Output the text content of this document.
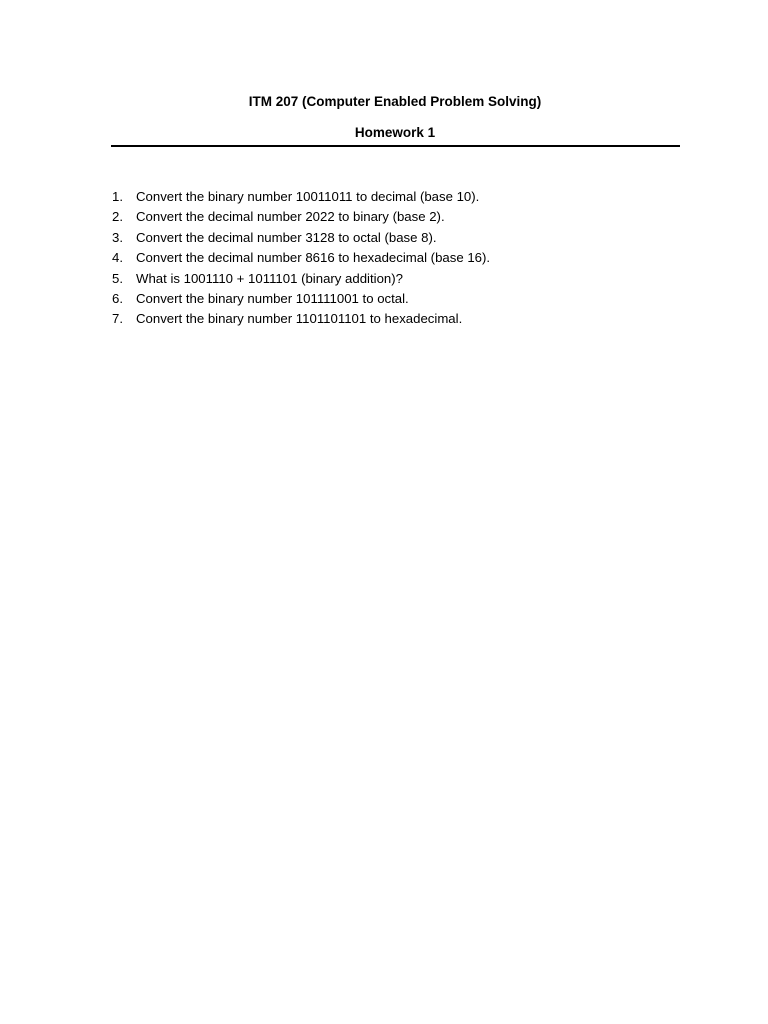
ITM 207 (Computer Enabled Problem Solving)
Homework 1
1. Convert the binary number 10011011 to decimal (base 10).
2. Convert the decimal number 2022 to binary (base 2).
3. Convert the decimal number 3128 to octal (base 8).
4. Convert the decimal number 8616 to hexadecimal (base 16).
5. What is 1001110 + 1011101 (binary addition)?
6. Convert the binary number 101111001 to octal.
7. Convert the binary number 1101101101 to hexadecimal.
